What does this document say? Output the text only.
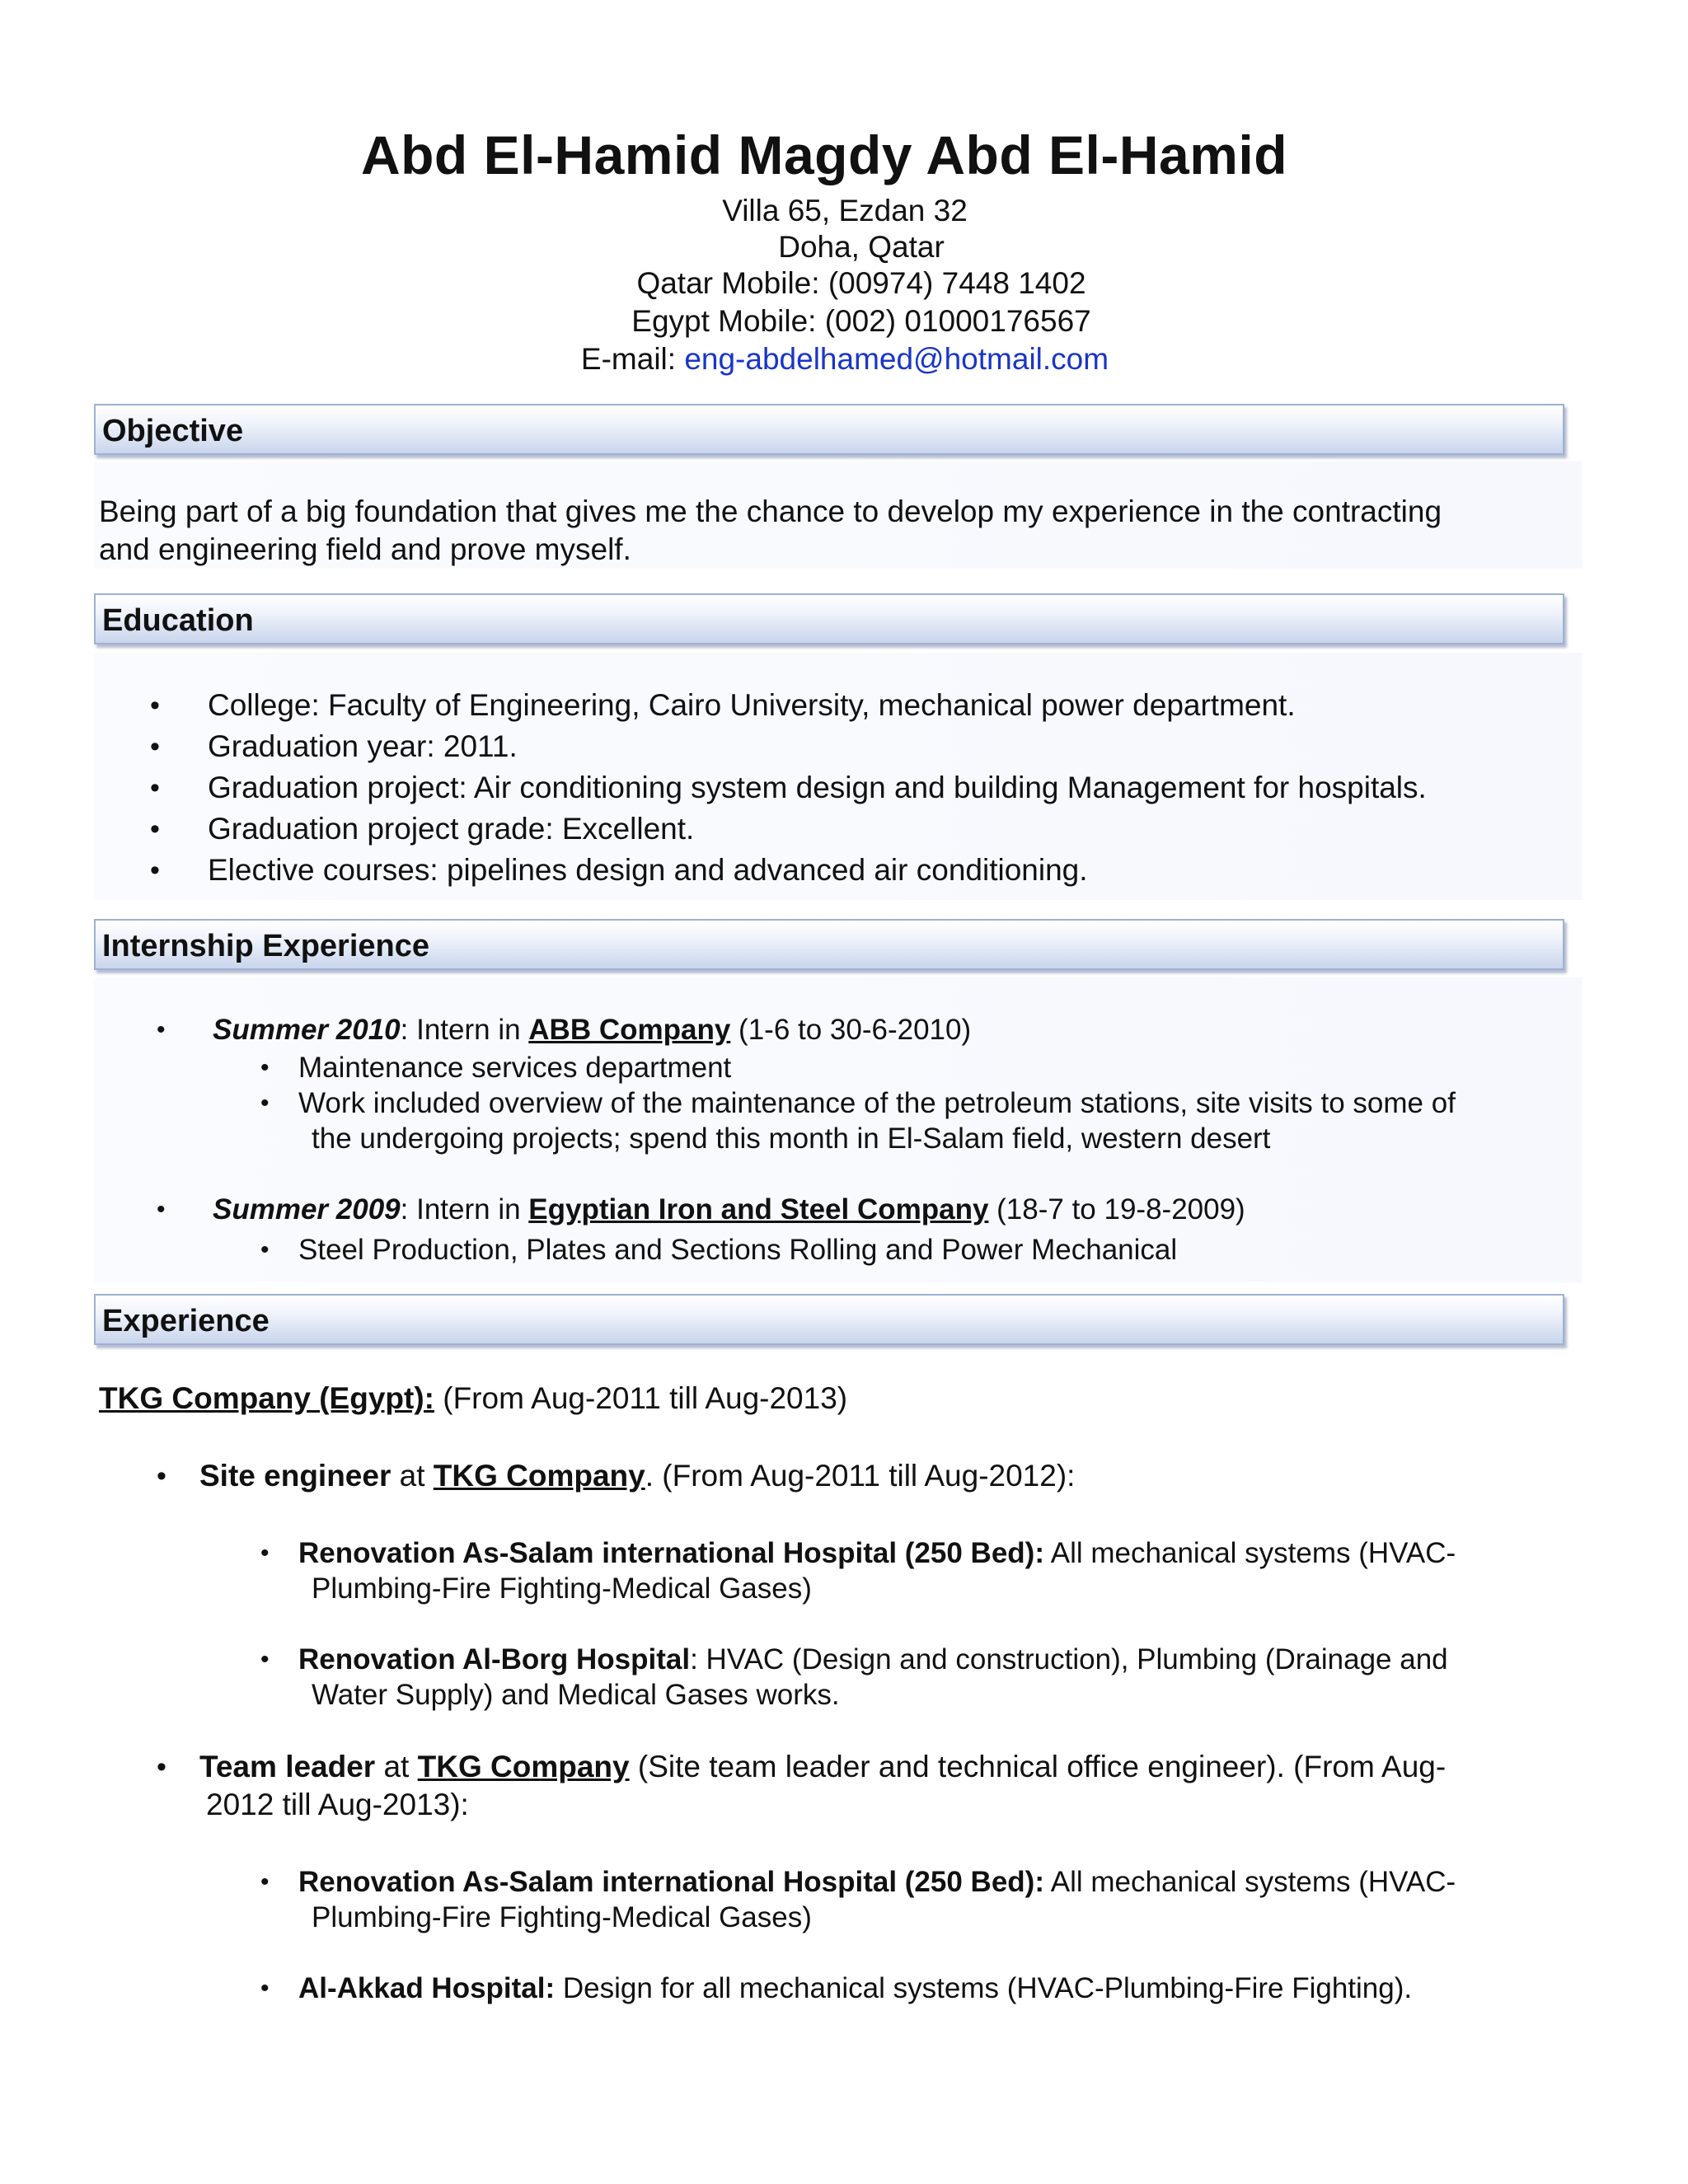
Abd El-Hamid Magdy Abd El-Hamid
Villa 65, Ezdan 32
Doha, Qatar
Qatar Mobile: (00974) 7448 1402
Egypt Mobile: (002) 01000176567
E-mail: eng-abdelhamed@hotmail.com
Objective
Being part of a big foundation that gives me the chance to develop my experience in the contracting
and engineering field and prove myself.
Education
• College: Faculty of Engineering, Cairo University, mechanical power department.
• Graduation year: 2011.
• Graduation project: Air conditioning system design and building Management for hospitals.
• Graduation project grade: Excellent.
• Elective courses: pipelines design and advanced air conditioning.
Internship Experience
• Summer 2010: Intern in ABB Company (1-6 to 30-6-2010)
• Maintenance services department
• Work included overview of the maintenance of the petroleum stations, site visits to some of
the undergoing projects; spend this month in El-Salam field, western desert
• Summer 2009: Intern in Egyptian Iron and Steel Company (18-7 to 19-8-2009)
• Steel Production, Plates and Sections Rolling and Power Mechanical
Experience
TKG Company (Egypt): (From Aug-2011 till Aug-2013)
• Site engineer at TKG Company. (From Aug-2011 till Aug-2012):
• Renovation As-Salam international Hospital (250 Bed): All mechanical systems (HVAC-
Plumbing-Fire Fighting-Medical Gases)
• Renovation Al-Borg Hospital: HVAC (Design and construction), Plumbing (Drainage and
Water Supply) and Medical Gases works.
• Team leader at TKG Company (Site team leader and technical office engineer). (From Aug-
2012 till Aug-2013):
• Renovation As-Salam international Hospital (250 Bed): All mechanical systems (HVAC-
Plumbing-Fire Fighting-Medical Gases)
• Al-Akkad Hospital: Design for all mechanical systems (HVAC-Plumbing-Fire Fighting).
